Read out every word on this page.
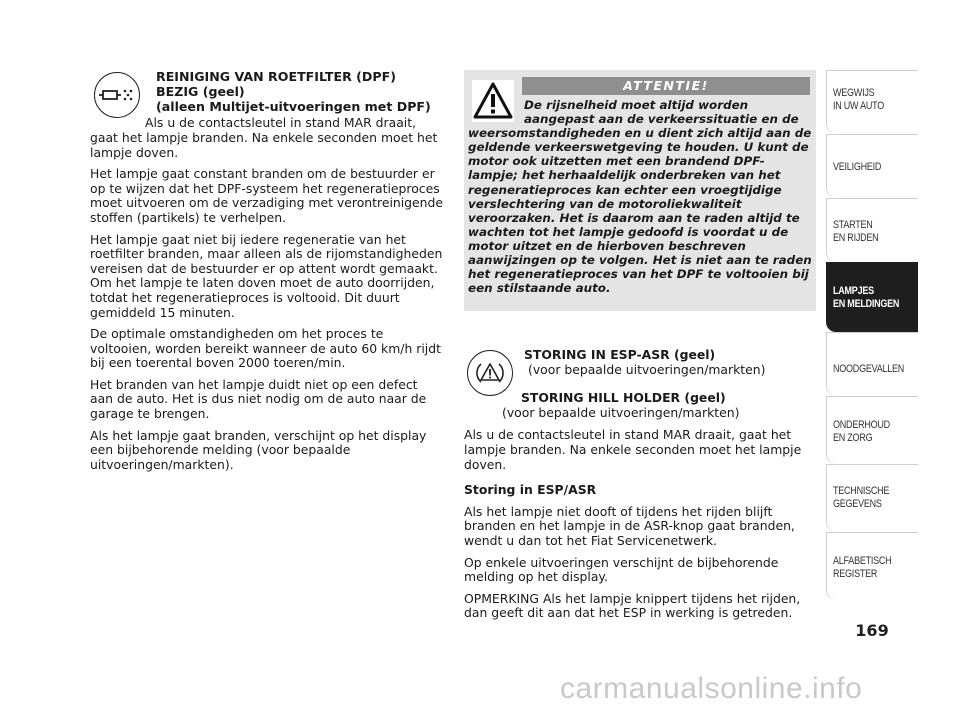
REINIGING VAN ROETFILTER (DPF)
BEZIG (geel)
(alleen Multijet-uitvoeringen met DPF)

Als u de contactsleutel in stand MAR draait, gaat het lampje branden. Na enkele seconden moet het lampje doven.

Het lampje gaat constant branden om de bestuurder er op te wijzen dat het DPF-systeem het regeneratieproces moet uitvoeren om de verzadiging met verontreinigende stoffen (partikels) te verhelpen.

Het lampje gaat niet bij iedere regeneratie van het roetfilter branden, maar alleen als de rijomstandigheden vereisen dat de bestuurder er op attent wordt gemaakt. Om het lampje te laten doven moet de auto doorrijden, totdat het regeneratieproces is voltooid. Dit duurt gemiddeld 15 minuten.

De optimale omstandigheden om het proces te voltooien, worden bereikt wanneer de auto 60 km/h rijdt bij een toerental boven 2000 toeren/min.

Het branden van het lampje duidt niet op een defect aan de auto. Het is dus niet nodig om de auto naar de garage te brengen.

Als het lampje gaat branden, verschijnt op het display een bijbehorende melding (voor bepaalde uitvoeringen/markten).

ATTENTIE!
De rijsnelheid moet altijd worden aangepast aan de verkeerssituatie en de
weersomstandigheden en u dient zich altijd aan de geldende verkeerswetgeving te houden. U kunt de motor ook uitzetten met een brandend DPF-lampje; het herhaaldelijk onderbreken van het regeneratieproces kan echter een vroegtijdige verslechtering van de motoroliekwaliteit veroorzaken. Het is daarom aan te raden altijd te wachten tot het lampje gedoofd is voordat u de motor uitzet en de hierboven beschreven aanwijzingen op te volgen. Het is niet aan te raden het regeneratieproces van het DPF te voltooien bij een stilstaande auto.
STORING IN ESP-ASR (geel)
(voor bepaalde uitvoeringen/markten)
STORING HILL HOLDER (geel)
(voor bepaalde uitvoeringen/markten)

Als u de contactsleutel in stand MAR draait, gaat het lampje branden. Na enkele seconden moet het lampje doven.

Storing in ESP/ASR

Als het lampje niet dooft of tijdens het rijden blijft branden en het lampje in de ASR-knop gaat branden, wendt u dan tot het Fiat Servicenetwerk.

Op enkele uitvoeringen verschijnt de bijbehorende melding op het display.

OPMERKING Als het lampje knippert tijdens het rijden, dan geeft dit aan dat het ESP in werking is getreden.

WEGWIJS
IN UW AUTO
VEILIGHEID
STARTEN
EN RIJDEN
LAMPJES
EN MELDINGEN
NOODGEVALLEN
ONDERHOUD
EN ZORG
TECHNISCHE
GEGEVENS
ALFABETISCH
REGISTER
169
carmanualsonline.info
